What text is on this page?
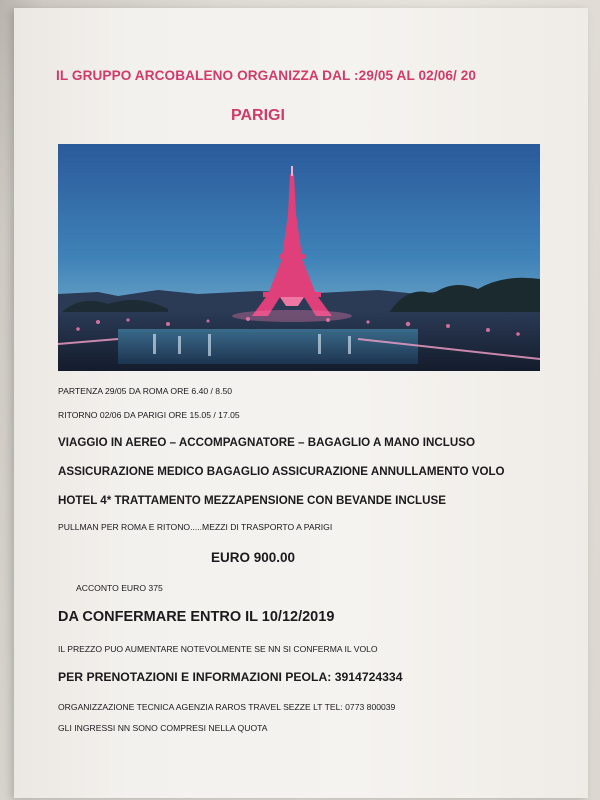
IL GRUPPO ARCOBALENO ORGANIZZA DAL :29/05 AL 02/06/ 20
PARIGI
PARTENZA 29/05 DA ROMA ORE 6.40 / 8.50
RITORNO 02/06 DA PARIGI ORE 15.05 / 17.05
VIAGGIO IN AEREO – ACCOMPAGNATORE – BAGAGLIO A MANO INCLUSO
ASSICURAZIONE MEDICO BAGAGLIO ASSICURAZIONE ANNULLAMENTO VOLO
HOTEL 4* TRATTAMENTO MEZZAPENSIONE CON BEVANDE INCLUSE
PULLMAN PER ROMA E RITONO.....MEZZI DI TRASPORTO A PARIGI
EURO 900.00
ACCONTO EURO 375
DA CONFERMARE ENTRO IL 10/12/2019
IL PREZZO PUO AUMENTARE NOTEVOLMENTE SE NN SI CONFERMA IL VOLO
PER PRENOTAZIONI E INFORMAZIONI PEOLA: 3914724334
ORGANIZZAZIONE TECNICA AGENZIA RAROS TRAVEL SEZZE LT TEL: 0773 800039
GLI INGRESSI NN SONO COMPRESI NELLA QUOTA
